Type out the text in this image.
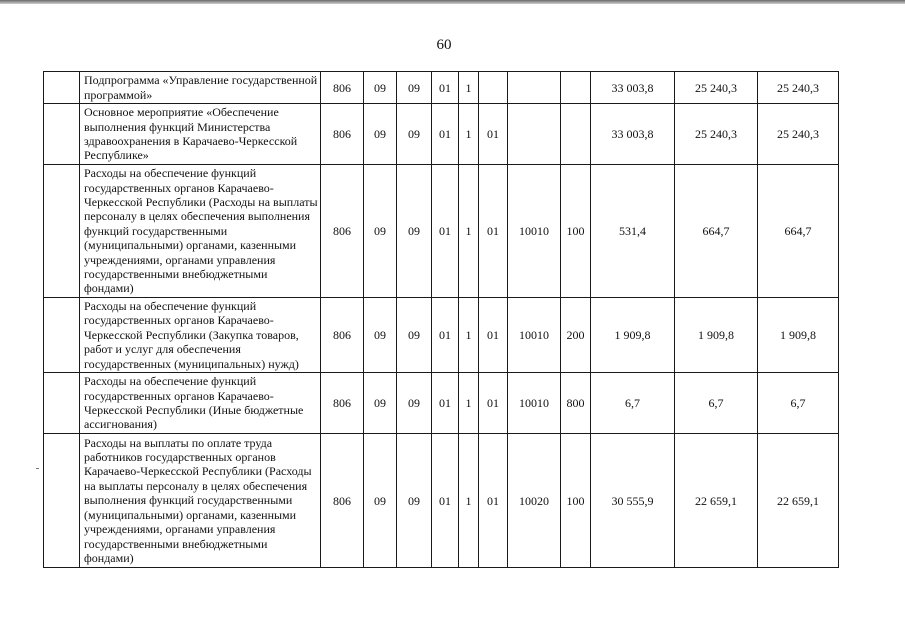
60
	Подпрограмма «Управление государственной программой»	806	09	09	01	1				33 003,8	25 240,3	25 240,3
	Основное мероприятие «Обеспечение выполнения функций Министерства здравоохранения в Карачаево-Черкесской Республике»	806	09	09	01	1	01			33 003,8	25 240,3	25 240,3
	Расходы на обеспечение функций государственных органов Карачаево-Черкесской Республики (Расходы на выплаты персоналу в целях обеспечения выполнения функций государственными (муниципальными) органами, казенными учреждениями, органами управления государственными внебюджетными фондами)	806	09	09	01	1	01	10010	100	531,4	664,7	664,7
	Расходы на обеспечение функций государственных органов Карачаево-Черкесской Республики (Закупка товаров, работ и услуг для обеспечения государственных (муниципальных) нужд)	806	09	09	01	1	01	10010	200	1 909,8	1 909,8	1 909,8
	Расходы на обеспечение функций государственных органов Карачаево-Черкесской Республики (Иные бюджетные ассигнования)	806	09	09	01	1	01	10010	800	6,7	6,7	6,7
	Расходы на выплаты по оплате труда работников государственных органов Карачаево-Черкесской Республики (Расходы на выплаты персоналу в целях обеспечения выполнения функций государственными (муниципальными) органами, казенными учреждениями, органами управления государственными внебюджетными фондами)	806	09	09	01	1	01	10020	100	30 555,9	22 659,1	22 659,1
